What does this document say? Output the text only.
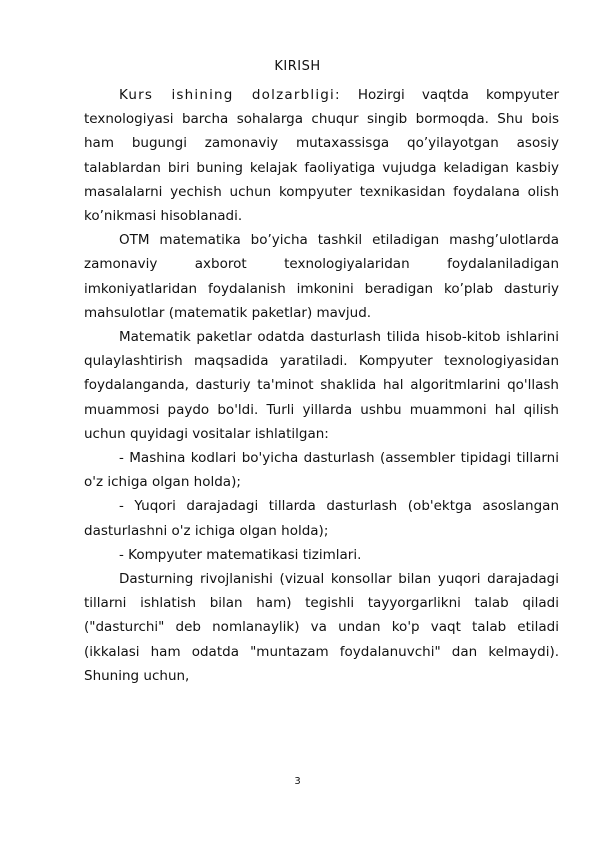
KIRISH

Kurs ishining dolzarbligi: Hozirgi vaqtda kompyuter texnologiyasi barcha sohalarga chuqur singib bormoqda. Shu bois ham bugungi zamonaviy mutaxassisga qo’yilayotgan asosiy talablardan biri buning kelajak faoliyatiga vujudga keladigan kasbiy masalalarni yechish uchun kompyuter texnikasidan foydalana olish ko’nikmasi hisoblanadi.

OTM matematika bo’yicha tashkil etiladigan mashg’ulotlarda zamonaviy axborot texnologiyalaridan foydalaniladigan imkoniyatlaridan foydalanish imkonini beradigan ko’plab dasturiy mahsulotlar (matematik paketlar) mavjud.

Matematik paketlar odatda dasturlash tilida hisob-kitob ishlarini qulaylashtirish maqsadida yaratiladi. Kompyuter texnologiyasidan foydalanganda, dasturiy ta'minot shaklida hal algoritmlarini qo'llash muammosi paydo bo'ldi. Turli yillarda ushbu muammoni hal qilish uchun quyidagi vositalar ishlatilgan:

- Mashina kodlari bo'yicha dasturlash (assembler tipidagi tillarni o'z ichiga olgan holda);

- Yuqori darajadagi tillarda dasturlash (ob'ektga asoslangan dasturlashni o'z ichiga olgan holda);

- Kompyuter matematikasi tizimlari.

Dasturning rivojlanishi (vizual konsollar bilan yuqori darajadagi tillarni ishlatish bilan ham) tegishli tayyorgarlikni talab qiladi ("dasturchi" deb nomlanaylik) va undan ko'p vaqt talab etiladi (ikkalasi ham odatda "muntazam foydalanuvchi" dan kelmaydi). Shuning uchun,

3
